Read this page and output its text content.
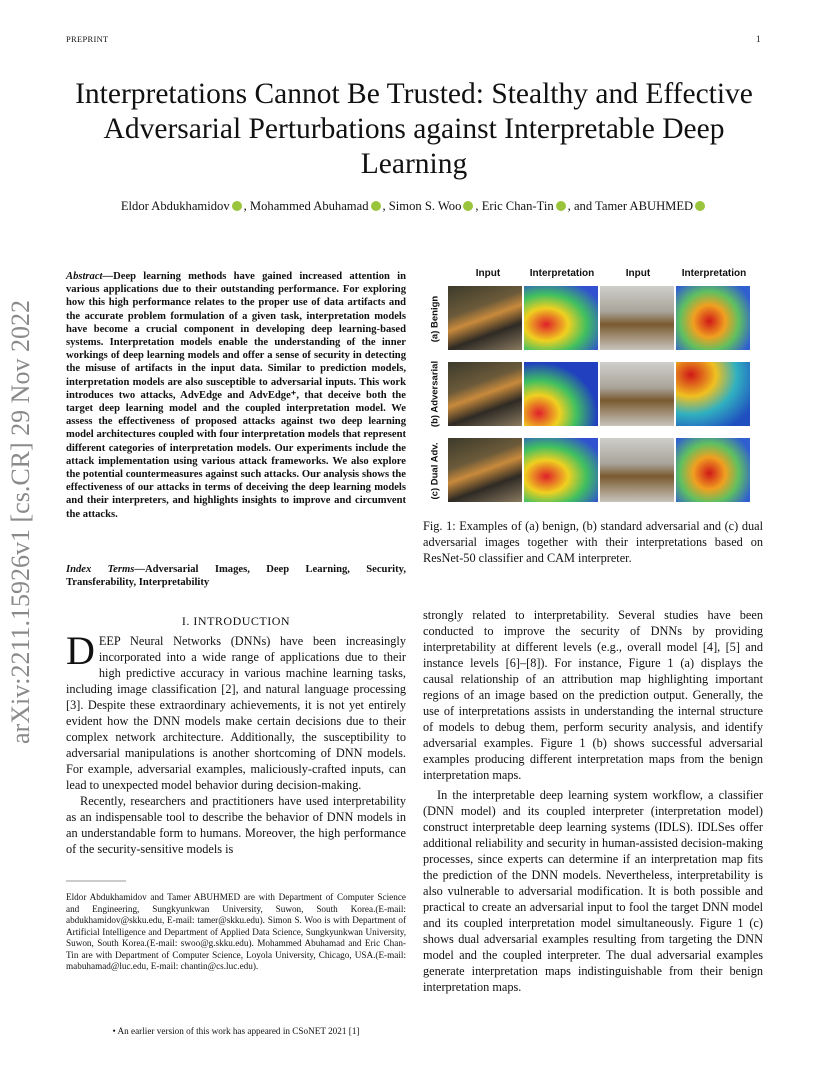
PREPRINT	1
Interpretations Cannot Be Trusted: Stealthy and Effective Adversarial Perturbations against Interpretable Deep Learning
Eldor Abdukhamidov , Mohammed Abuhamad , Simon S. Woo , Eric Chan-Tin , and Tamer ABUHMED
arXiv:2211.15926v1 [cs.CR] 29 Nov 2022
Abstract—Deep learning methods have gained increased attention in various applications due to their outstanding performance. For exploring how this high performance relates to the proper use of data artifacts and the accurate problem formulation of a given task, interpretation models have become a crucial component in developing deep learning-based systems. Interpretation models enable the understanding of the inner workings of deep learning models and offer a sense of security in detecting the misuse of artifacts in the input data. Similar to prediction models, interpretation models are also susceptible to adversarial inputs. This work introduces two attacks, AdvEdge and AdvEdge⁺, that deceive both the target deep learning model and the coupled interpretation model. We assess the effectiveness of proposed attacks against two deep learning model architectures coupled with four interpretation models that represent different categories of interpretation models. Our experiments include the attack implementation using various attack frameworks. We also explore the potential countermeasures against such attacks. Our analysis shows the effectiveness of our attacks in terms of deceiving the deep learning models and their interpreters, and highlights insights to improve and circumvent the attacks.
Index Terms—Adversarial Images, Deep Learning, Security, Transferability, Interpretability
I. INTRODUCTION

DEEP Neural Networks (DNNs) have been increasingly incorporated into a wide range of applications due to their high predictive accuracy in various machine learning tasks, including image classification [2], and natural language processing [3]. Despite these extraordinary achievements, it is not yet entirely evident how the DNN models make certain decisions due to their complex network architecture. Additionally, the susceptibility to adversarial manipulations is another shortcoming of DNN models. For example, adversarial examples, maliciously-crafted inputs, can lead to unexpected model behavior during decision-making.

Recently, researchers and practitioners have used interpretability as an indispensable tool to describe the behavior of DNN models in an understandable form to humans. Moreover, the high performance of the security-sensitive models is

Eldor Abdukhamidov and Tamer ABUHMED are with Department of Computer Science and Engineering, Sungkyunkwan University, Suwon, South Korea.(E-mail: abdukhamidov@skku.edu, E-mail: tamer@skku.edu). Simon S. Woo is with Department of Artificial Intelligence and Department of Applied Data Science, Sungkyunkwan University, Suwon, South Korea.(E-mail: swoo@g.skku.edu). Mohammed Abuhamad and Eric Chan-Tin are with Department of Computer Science, Loyola University, Chicago, USA.(E-mail: mabuhamad@luc.edu, E-mail: chantin@cs.luc.edu).
• An earlier version of this work has appeared in CSoNET 2021 [1]
Input	Interpretation	Input	Interpretation
(a) Benign
(b) Adversarial
(c) Dual Adv.
Fig. 1: Examples of (a) benign, (b) standard adversarial and (c) dual adversarial images together with their interpretations based on ResNet-50 classifier and CAM interpreter.

strongly related to interpretability. Several studies have been conducted to improve the security of DNNs by providing interpretability at different levels (e.g., overall model [4], [5] and instance levels [6]–[8]). For instance, Figure 1 (a) displays the causal relationship of an attribution map highlighting important regions of an image based on the prediction output. Generally, the use of interpretations assists in understanding the internal structure of models to debug them, perform security analysis, and identify adversarial examples. Figure 1 (b) shows successful adversarial examples producing different interpretation maps from the benign interpretation maps.

In the interpretable deep learning system workflow, a classifier (DNN model) and its coupled interpreter (interpretation model) construct interpretable deep learning systems (IDLS). IDLSes offer additional reliability and security in human-assisted decision-making processes, since experts can determine if an interpretation map fits the prediction of the DNN models. Nevertheless, interpretability is also vulnerable to adversarial modification. It is both possible and practical to create an adversarial input to fool the target DNN model and its coupled interpretation model simultaneously. Figure 1 (c) shows dual adversarial examples resulting from targeting the DNN model and the coupled interpreter. The dual adversarial examples generate interpretation maps indistinguishable from their benign interpretation maps.
